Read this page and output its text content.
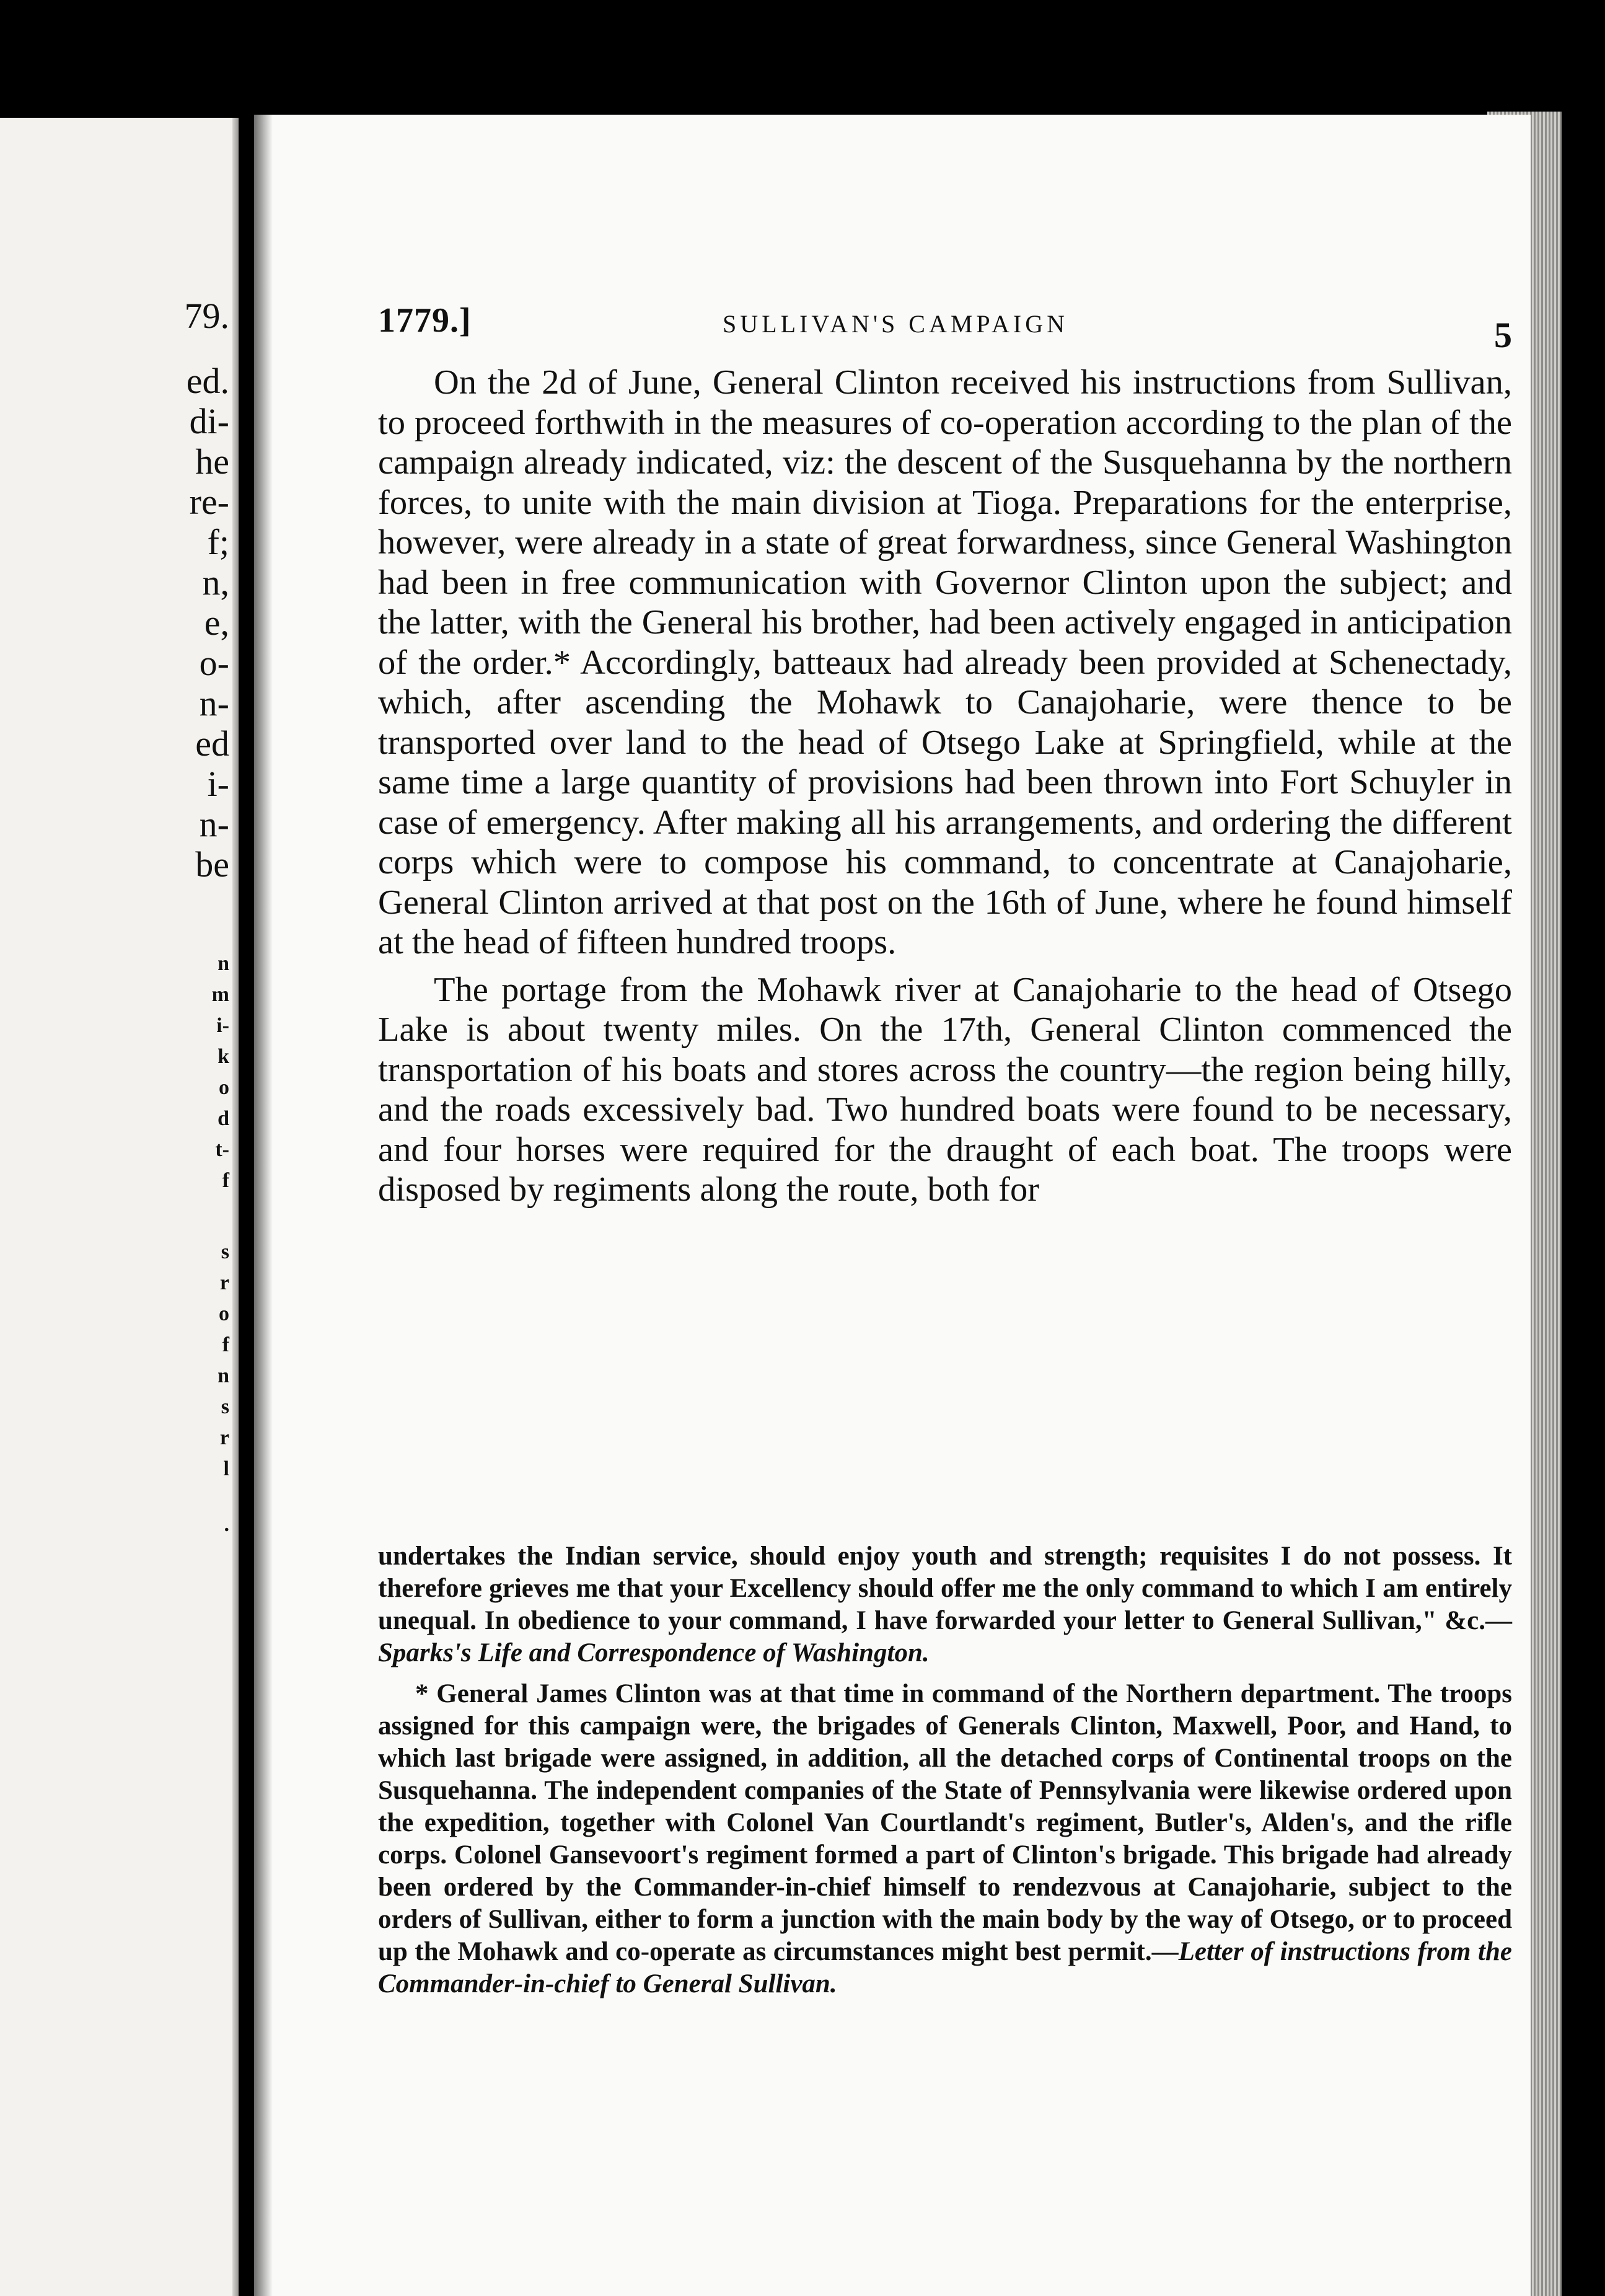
79.
ed.
di-
he
re-
f;
n,
e,
o-
n-
ed
i-
n-
be
n
m
i-
k
o
d
t-
f
s
r
o
f
n
s
r
l
.
1779.]	SULLIVAN'S CAMPAIGN	5

On the 2d of June, General Clinton received his instructions from Sullivan, to proceed forthwith in the measures of co-operation according to the plan of the campaign already indicated, viz: the descent of the Susquehanna by the northern forces, to unite with the main division at Tioga. Preparations for the enterprise, however, were already in a state of great forwardness, since General Washington had been in free communication with Governor Clinton upon the subject; and the latter, with the General his brother, had been actively engaged in anticipation of the order.* Accordingly, batteaux had already been provided at Schenectady, which, after ascending the Mohawk to Canajoharie, were thence to be transported over land to the head of Otsego Lake at Springfield, while at the same time a large quantity of provisions had been thrown into Fort Schuyler in case of emergency. After making all his arrangements, and ordering the different corps which were to compose his command, to concentrate at Canajoharie, General Clinton arrived at that post on the 16th of June, where he found himself at the head of fifteen hundred troops.

The portage from the Mohawk river at Canajoharie to the head of Otsego Lake is about twenty miles. On the 17th, General Clinton commenced the transportation of his boats and stores across the country—the region being hilly, and the roads excessively bad. Two hundred boats were found to be necessary, and four horses were required for the draught of each boat. The troops were disposed by regiments along the route, both for

undertakes the Indian service, should enjoy youth and strength; requisites I do not possess. It therefore grieves me that your Excellency should offer me the only command to which I am entirely unequal. In obedience to your command, I have forwarded your letter to General Sullivan," &c.—Sparks's Life and Correspondence of Washington.

* General James Clinton was at that time in command of the Northern department. The troops assigned for this campaign were, the brigades of Generals Clinton, Maxwell, Poor, and Hand, to which last brigade were assigned, in addition, all the detached corps of Continental troops on the Susquehanna. The independent companies of the State of Pennsylvania were likewise ordered upon the expedition, together with Colonel Van Courtlandt's regiment, Butler's, Alden's, and the rifle corps. Colonel Gansevoort's regiment formed a part of Clinton's brigade. This brigade had already been ordered by the Commander-in-chief himself to rendezvous at Canajoharie, subject to the orders of Sullivan, either to form a junction with the main body by the way of Otsego, or to proceed up the Mohawk and co-operate as circumstances might best permit.—Letter of instructions from the Commander-in-chief to General Sullivan.
